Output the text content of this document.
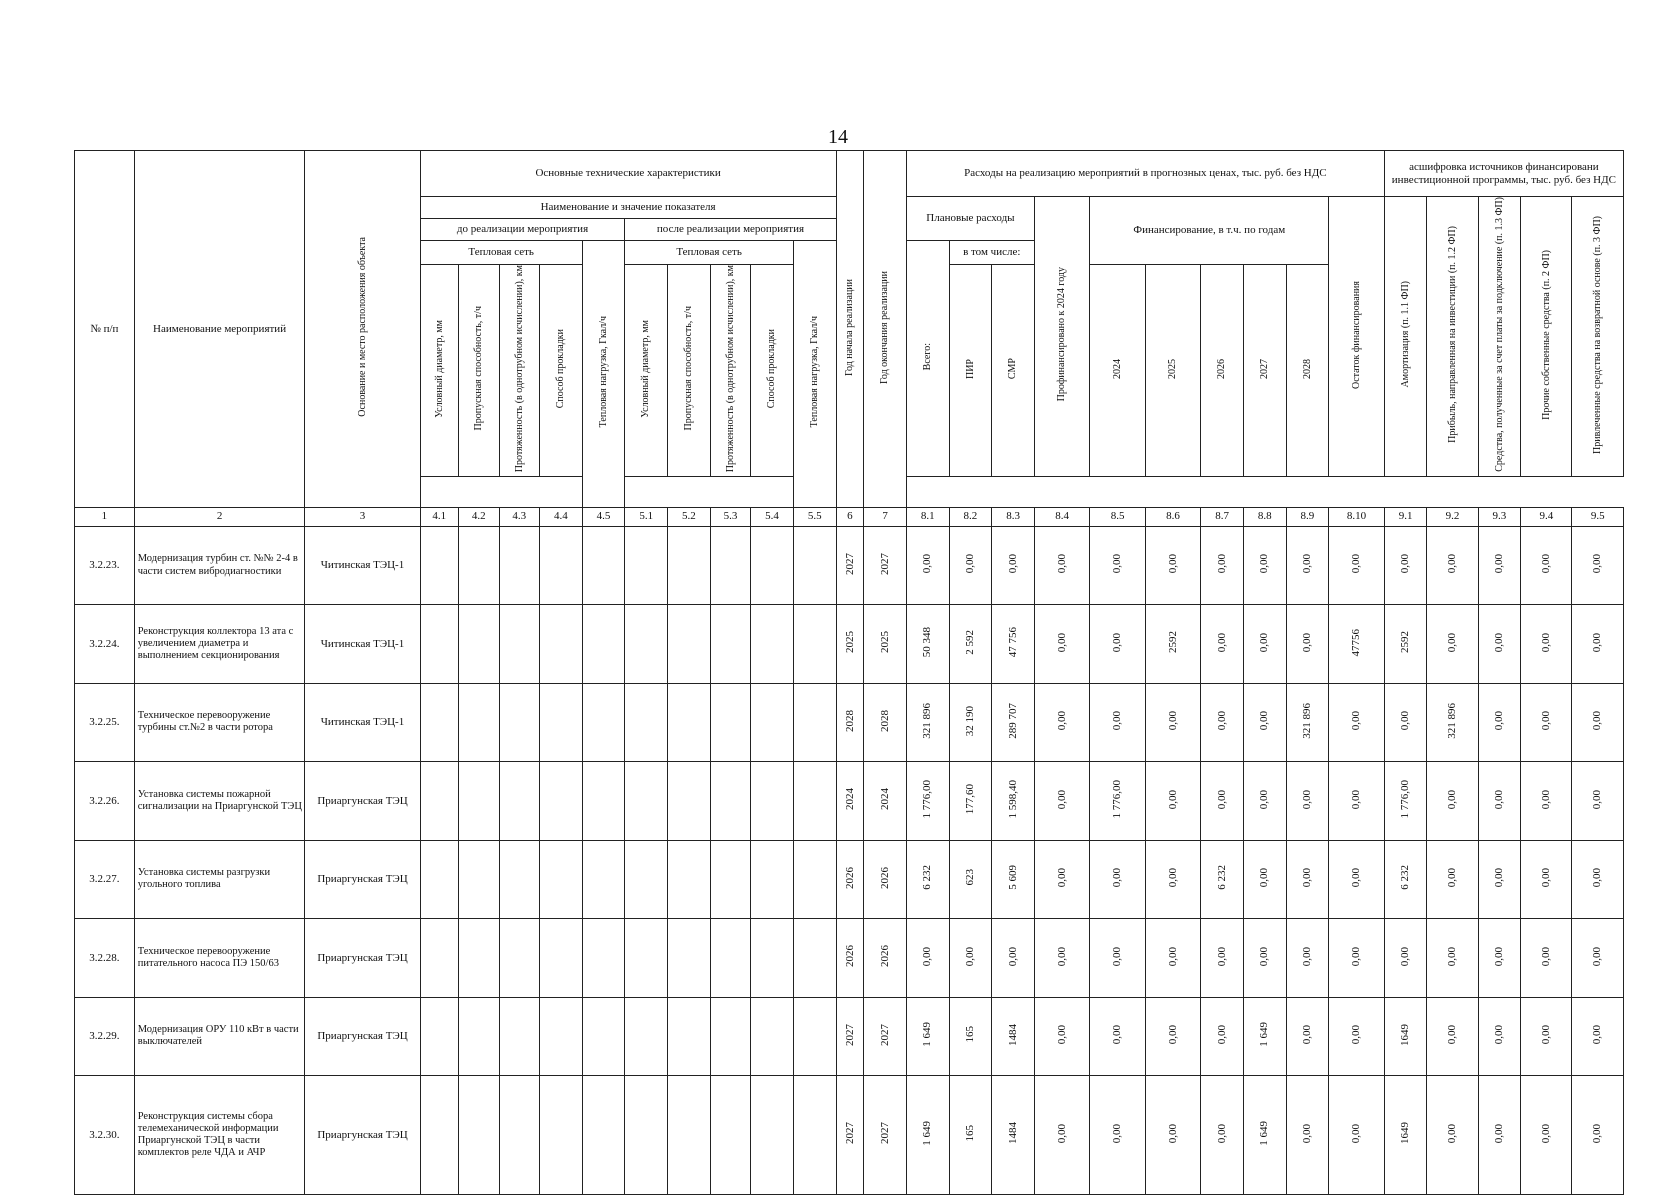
14
№ п/п	Наименование мероприятий	Основание и место расположения объекта	Основные технические характеристики										Год начала реализации	Год окончания реализации	Расходы на реализацию мероприятий в прогнозных ценах, тыс. руб. без НДС										асшифровка источников финансировани инвестиционной программы, тыс. руб. без НДС				
			Наименование и значение показателя												Плановые расходы			Профинансировано к 2024 году	Финансирование, в т.ч. по годам					Остаток финансирования	Амортизация (п. 1.1 ФП)	Прибыль, направленная на инвестиции (п. 1.2 ФП)	Средства, полученные за счет платы за подключение (п. 1.3 ФП)	Прочие собственные средства (п. 2 ФП)	Привлеченные средства на возвратной основе (п. 3 ФП)
			до реализации мероприятия					после реализации мероприятия																					
			Тепловая сеть				Тепловая нагрузка, Гкал/ч	Тепловая сеть				Тепловая нагрузка, Гкал/ч			Всего:	в том числе:													
			Условный диаметр, мм	Пропускная способность, т/ч	Протяженность (в однотрубном исчислении), км	Способ прокладки		Условный диаметр, мм	Пропускная способность, т/ч	Протяженность (в однотрубном исчислении), км	Способ прокладки					ПИР	СМР		2024	2025	2026	2027	2028						

1	2	3	4.1	4.2	4.3	4.4	4.5	5.1	5.2	5.3	5.4	5.5	6	7	8.1	8.2	8.3	8.4	8.5	8.6	8.7	8.8	8.9	8.10	9.1	9.2	9.3	9.4	9.5
3.2.23.	Модернизация турбин ст. №№ 2-4 в части систем вибродиагностики	Читинская ТЭЦ-1											2027	2027	0,00	0,00	0,00	0,00	0,00	0,00	0,00	0,00	0,00	0,00	0,00	0,00	0,00	0,00	0,00
3.2.24.	Реконструкция коллектора 13 ата с увеличением диаметра и выполнением секционирования	Читинская ТЭЦ-1											2025	2025	50 348	2 592	47 756	0,00	0,00	2592	0,00	0,00	0,00	47756	2592	0,00	0,00	0,00	0,00
3.2.25.	Техническое перевооружение турбины ст.№2 в части ротора	Читинская ТЭЦ-1											2028	2028	321 896	32 190	289 707	0,00	0,00	0,00	0,00	0,00	321 896	0,00	0,00	321 896	0,00	0,00	0,00
3.2.26.	Установка системы пожарной сигнализации на Приаргунской ТЭЦ	Приаргунская ТЭЦ											2024	2024	1 776,00	177,60	1 598,40	0,00	1 776,00	0,00	0,00	0,00	0,00	0,00	1 776,00	0,00	0,00	0,00	0,00
3.2.27.	Установка системы разгрузки угольного топлива	Приаргунская ТЭЦ											2026	2026	6 232	623	5 609	0,00	0,00	0,00	6 232	0,00	0,00	0,00	6 232	0,00	0,00	0,00	0,00
3.2.28.	Техническое перевооружение питательного насоса ПЭ 150/63	Приаргунская ТЭЦ											2026	2026	0,00	0,00	0,00	0,00	0,00	0,00	0,00	0,00	0,00	0,00	0,00	0,00	0,00	0,00	0,00
3.2.29.	Модернизация ОРУ 110 кВт в части выключателей	Приаргунская ТЭЦ											2027	2027	1 649	165	1484	0,00	0,00	0,00	0,00	1 649	0,00	0,00	1649	0,00	0,00	0,00	0,00
3.2.30.	Реконструкция системы сбора телемеханической информации Приаргунской ТЭЦ в части комплектов реле ЧДА и АЧР	Приаргунская ТЭЦ											2027	2027	1 649	165	1484	0,00	0,00	0,00	0,00	1 649	0,00	0,00	1649	0,00	0,00	0,00	0,00
